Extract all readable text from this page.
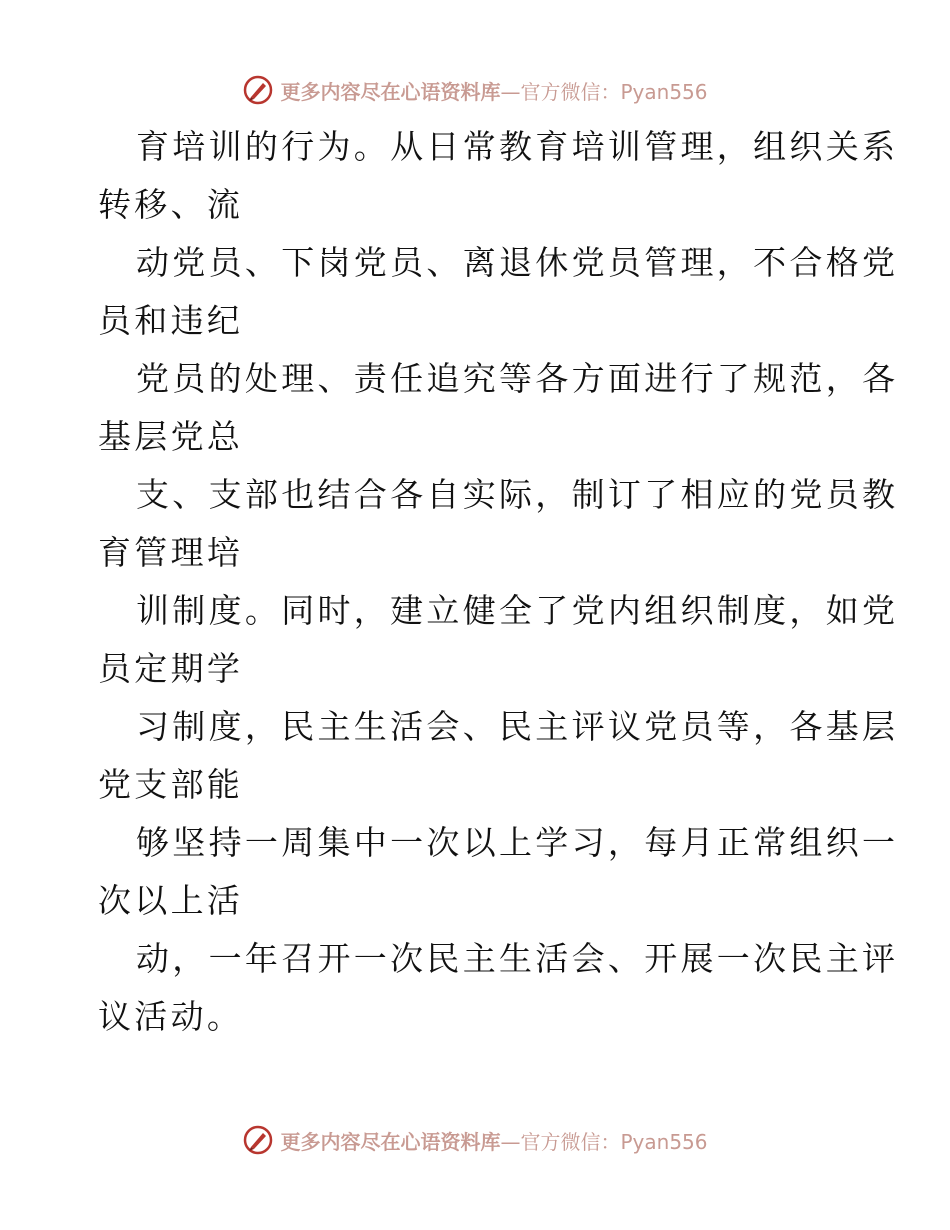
更多内容尽在心语资料库—官方微信：Pyan556
育培训的行为。从日常教育培训管理，组织关系
转移、流
动党员、下岗党员、离退休党员管理，不合格党
员和违纪
党员的处理、责任追究等各方面进行了规范，各
基层党总
支、支部也结合各自实际，制订了相应的党员教
育管理培
训制度。同时，建立健全了党内组织制度，如党
员定期学
习制度，民主生活会、民主评议党员等，各基层
党支部能
够坚持一周集中一次以上学习，每月正常组织一
次以上活
动，一年召开一次民主生活会、开展一次民主评
议活动。
更多内容尽在心语资料库—官方微信：Pyan556
